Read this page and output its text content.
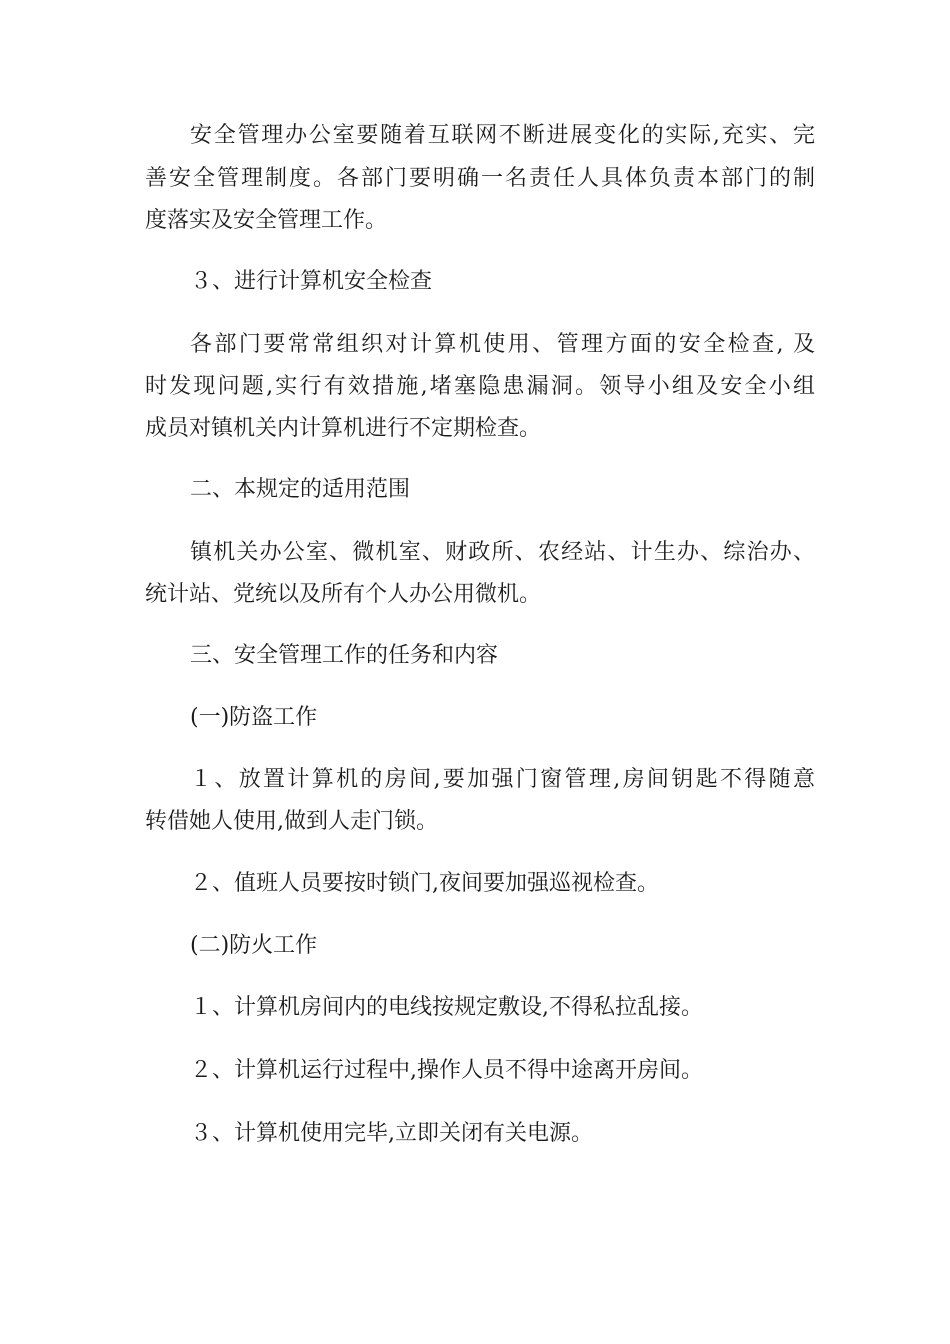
安全管理办公室要随着互联网不断进展变化的实际,充实、完
善安全管理制度。各部门要明确一名责任人具体负责本部门的制
度落实及安全管理工作。
３、进行计算机安全检查
各部门要常常组织对计算机使用、管理方面的安全检查, 及
时发现问题,实行有效措施,堵塞隐患漏洞。领导小组及安全小组
成员对镇机关内计算机进行不定期检查。
二、本规定的适用范围
镇机关办公室、微机室、财政所、农经站、计生办、综治办、
统计站、党统以及所有个人办公用微机。
三、安全管理工作的任务和内容
(一)防盗工作
１、放置计算机的房间,要加强门窗管理,房间钥匙不得随意
转借她人使用,做到人走门锁。
２、值班人员要按时锁门,夜间要加强巡视检查。
(二)防火工作
１、计算机房间内的电线按规定敷设,不得私拉乱接。
２、计算机运行过程中,操作人员不得中途离开房间。
３、计算机使用完毕,立即关闭有关电源。
